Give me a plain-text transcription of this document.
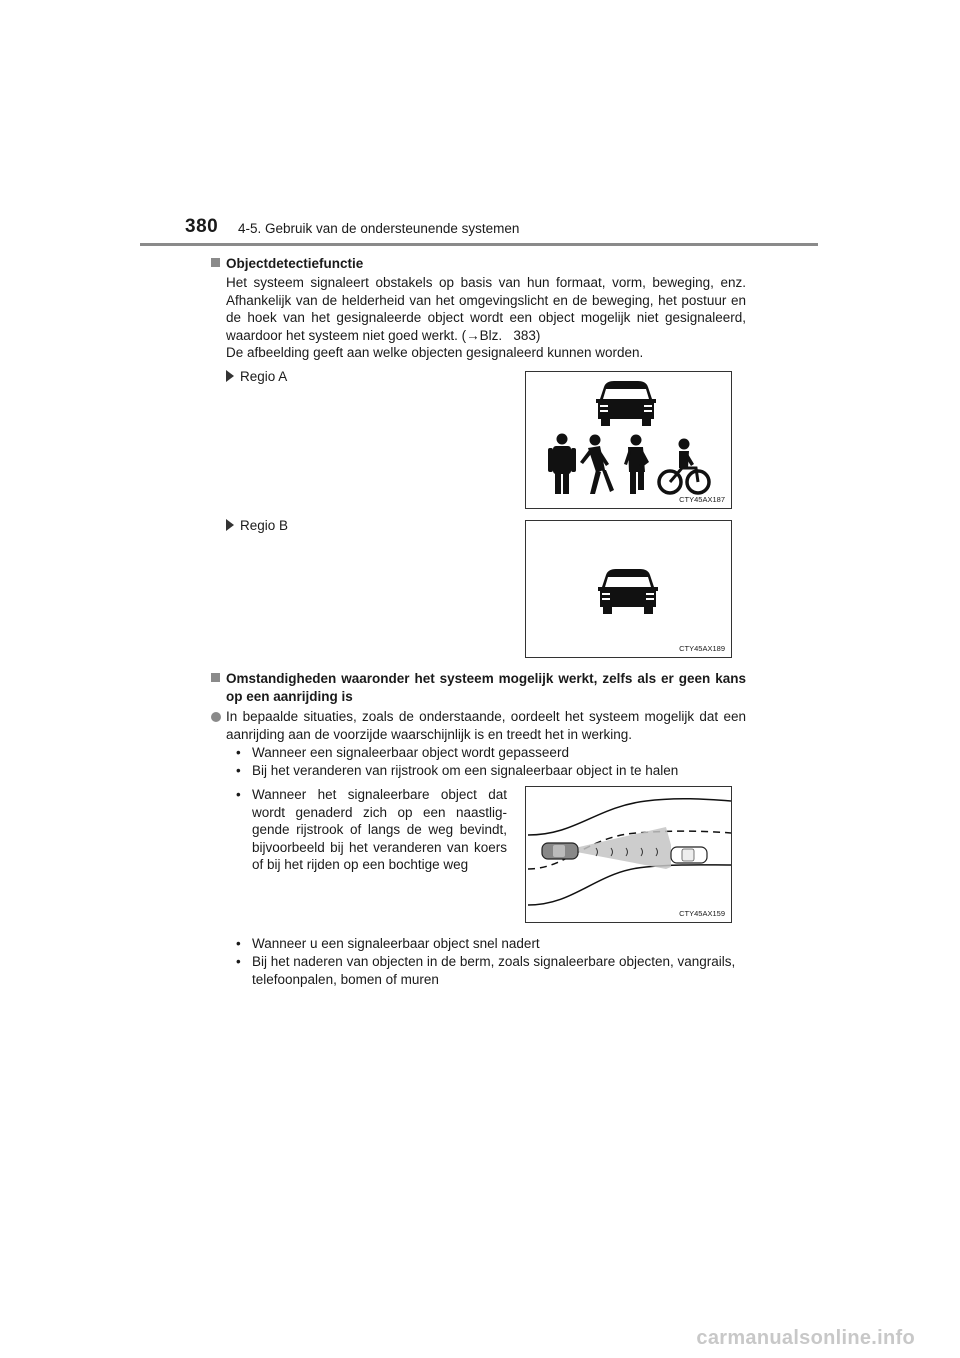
380 4-5. Gebruik van de ondersteunende systemen
Objectdetectiefunctie
Het systeem signaleert obstakels op basis van hun formaat, vorm, beweging, enz.
Afhankelijk van de helderheid van het omgevingslicht en de beweging, het postuur en
de hoek van het gesignaleerde object wordt een object mogelijk niet gesignaleerd,
waardoor het systeem niet goed werkt. (→Blz.   383)
De afbeelding geeft aan welke objecten gesignaleerd kunnen worden.
Regio A
CTY45AX187
Regio B
CTY45AX189
Omstandigheden waaronder het systeem mogelijk werkt, zelfs als er geen kans
op een aanrijding is
In bepaalde situaties, zoals de onderstaande, oordeelt het systeem mogelijk dat een
aanrijding aan de voorzijde waarschijnlijk is en treedt het in werking.
• Wanneer een signaleerbaar object wordt gepasseerd
• Bij het veranderen van rijstrook om een signaleerbaar object in te halen
• Wanneer het signaleerbare object dat
wordt genaderd zich op een naastlig-
gende rijstrook of langs de weg bevindt,
bijvoorbeeld bij het veranderen van koers
of bij het rijden op een bochtige weg
CTY45AX159
• Wanneer u een signaleerbaar object snel nadert
• Bij het naderen van objecten in de berm, zoals signaleerbare objecten, vangrails,
telefoonpalen, bomen of muren
carmanualsonline.info
